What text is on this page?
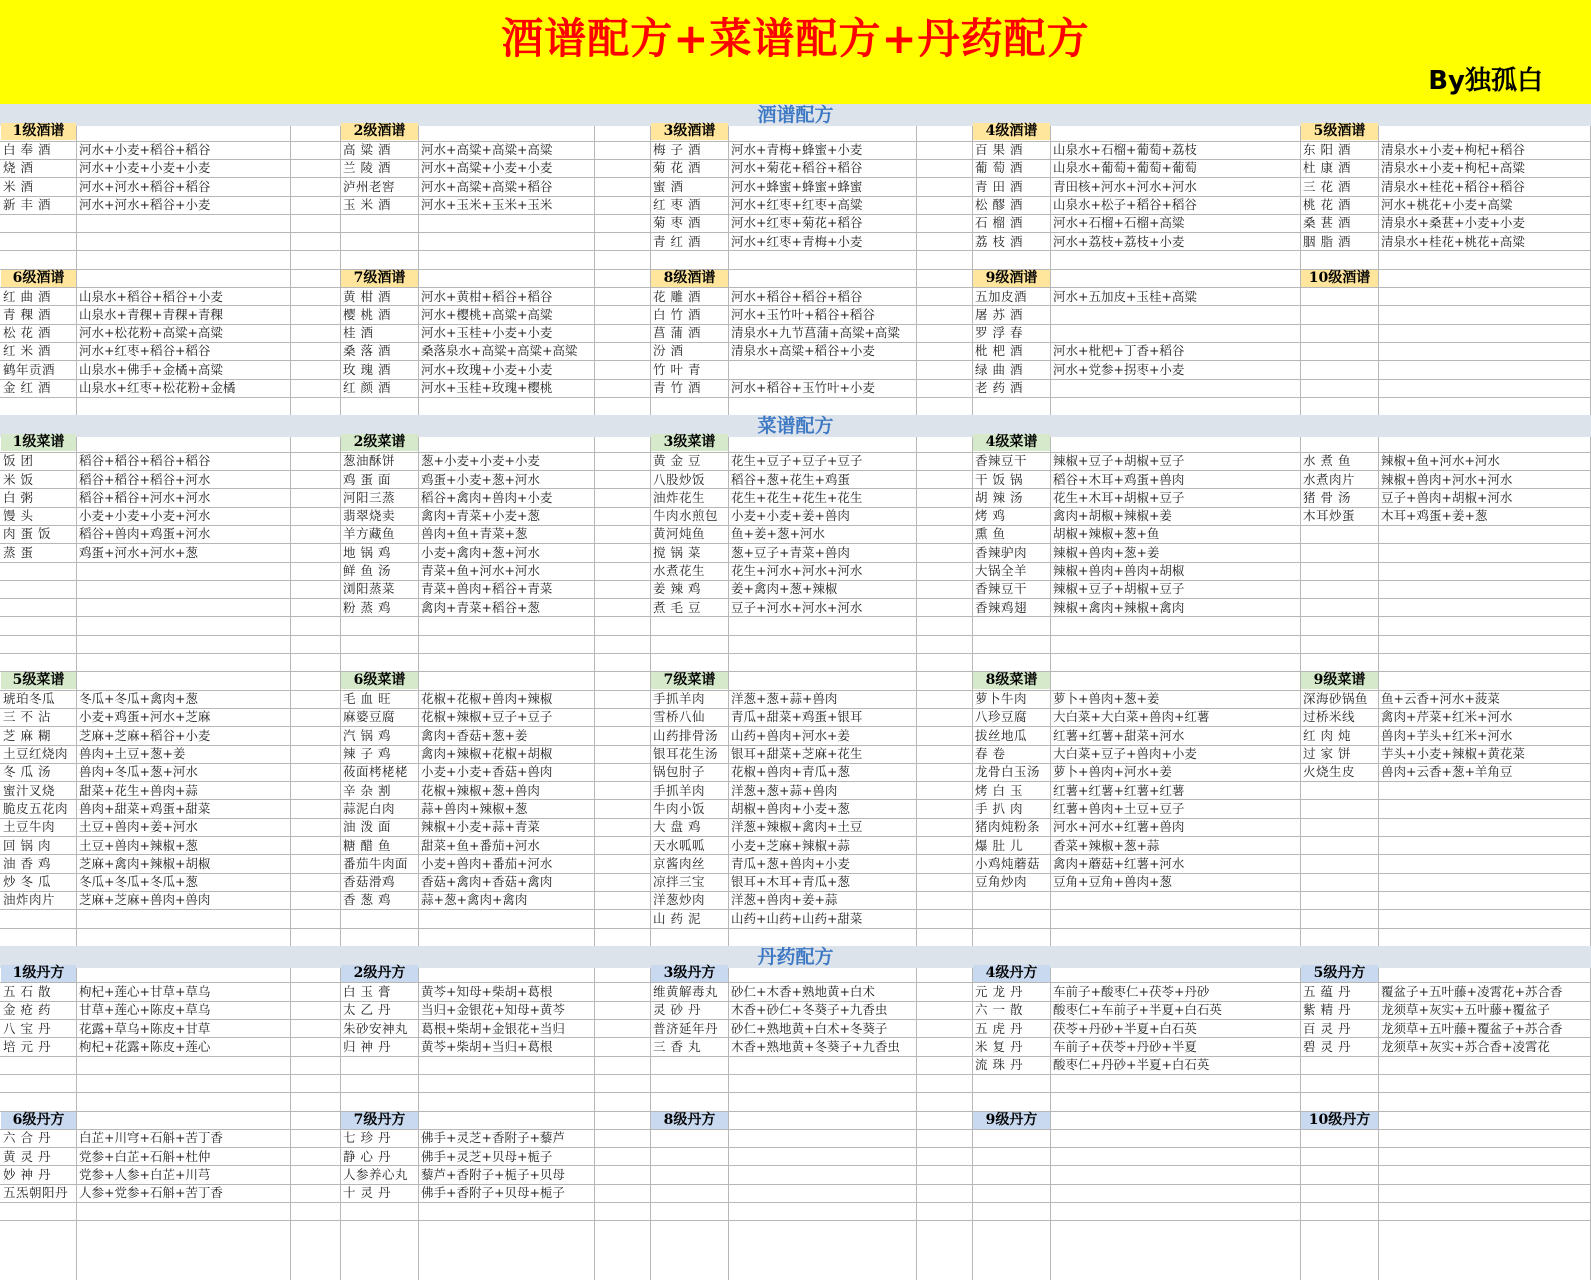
酒谱配方+菜谱配方+丹药配方
By独孤白
酒谱配方
1级酒谱
白 奉 酒	河水+小麦+稻谷+稻谷
烧 酒	河水+小麦+小麦+小麦
米 酒	河水+河水+稻谷+稻谷
新 丰 酒	河水+河水+稻谷+小麦
2级酒谱
高 粱 酒	河水+高粱+高粱+高粱
兰 陵 酒	河水+高粱+小麦+小麦
泸州老窖	河水+高粱+高粱+稻谷
玉 米 酒	河水+玉米+玉米+玉米
3级酒谱
梅 子 酒	河水+青梅+蜂蜜+小麦
菊 花 酒	河水+菊花+稻谷+稻谷
蜜 酒	河水+蜂蜜+蜂蜜+蜂蜜
红 枣 酒	河水+红枣+红枣+高粱
菊 枣 酒	河水+红枣+菊花+稻谷
青 红 酒	河水+红枣+青梅+小麦
4级酒谱
百 果 酒	山泉水+石榴+葡萄+荔枝
葡 萄 酒	山泉水+葡萄+葡萄+葡萄
青 田 酒	青田核+河水+河水+河水
松 醪 酒	山泉水+松子+稻谷+稻谷
石 榴 酒	河水+石榴+石榴+高粱
荔 枝 酒	河水+荔枝+荔枝+小麦
5级酒谱
东 阳 酒	清泉水+小麦+枸杞+稻谷
杜 康 酒	清泉水+小麦+枸杞+高粱
三 花 酒	清泉水+桂花+稻谷+稻谷
桃 花 酒	河水+桃花+小麦+高粱
桑 葚 酒	清泉水+桑葚+小麦+小麦
胭 脂 酒	清泉水+桂花+桃花+高粱
6级酒谱
红 曲 酒	山泉水+稻谷+稻谷+小麦
青 稞 酒	山泉水+青稞+青稞+青稞
松 花 酒	河水+松花粉+高粱+高粱
红 米 酒	河水+红枣+稻谷+稻谷
鹤年贡酒	山泉水+佛手+金橘+高粱
金 红 酒	山泉水+红枣+松花粉+金橘
7级酒谱
黄 柑 酒	河水+黄柑+稻谷+稻谷
樱 桃 酒	河水+樱桃+高粱+高粱
桂 酒	河水+玉桂+小麦+小麦
桑 落 酒	桑落泉水+高粱+高粱+高粱
玫 瑰 酒	河水+玫瑰+小麦+小麦
红 颜 酒	河水+玉桂+玫瑰+樱桃
8级酒谱
花 雕 酒	河水+稻谷+稻谷+稻谷
白 竹 酒	河水+玉竹叶+稻谷+稻谷
菖 蒲 酒	清泉水+九节菖蒲+高粱+高粱
汾 酒	清泉水+高粱+稻谷+小麦
竹 叶 青
青 竹 酒	河水+稻谷+玉竹叶+小麦
9级酒谱
五加皮酒	河水+五加皮+玉桂+高粱
屠 苏 酒
罗 浮 春
枇 杷 酒	河水+枇杷+丁香+稻谷
绿 曲 酒	河水+党参+拐枣+小麦
老 药 酒
10级酒谱
菜谱配方
1级菜谱
饭 团	稻谷+稻谷+稻谷+稻谷
米 饭	稻谷+稻谷+稻谷+河水
白 粥	稻谷+稻谷+河水+河水
馒 头	小麦+小麦+小麦+河水
肉 蛋 饭	稻谷+兽肉+鸡蛋+河水
蒸 蛋	鸡蛋+河水+河水+葱
2级菜谱
葱油酥饼	葱+小麦+小麦+小麦
鸡 蛋 面	鸡蛋+小麦+葱+河水
河阳三蒸	稻谷+禽肉+兽肉+小麦
翡翠烧卖	禽肉+青菜+小麦+葱
羊方藏鱼	兽肉+鱼+青菜+葱
地 锅 鸡	小麦+禽肉+葱+河水
鲜 鱼 汤	青菜+鱼+河水+河水
浏阳蒸菜	青菜+兽肉+稻谷+青菜
粉 蒸 鸡	禽肉+青菜+稻谷+葱
3级菜谱
黄 金 豆	花生+豆子+豆子+豆子
八股炒饭	稻谷+葱+花生+鸡蛋
油炸花生	花生+花生+花生+花生
牛肉水煎包	小麦+小麦+姜+兽肉
黄河炖鱼	鱼+姜+葱+河水
搅 锅 菜	葱+豆子+青菜+兽肉
水煮花生	花生+河水+河水+河水
姜 辣 鸡	姜+禽肉+葱+辣椒
煮 毛 豆	豆子+河水+河水+河水
4级菜谱
香辣豆干	辣椒+豆子+胡椒+豆子
干 饭 锅	稻谷+木耳+鸡蛋+兽肉
胡 辣 汤	花生+木耳+胡椒+豆子
烤 鸡	禽肉+胡椒+辣椒+姜
熏 鱼	胡椒+辣椒+葱+鱼
香辣驴肉	辣椒+兽肉+葱+姜
大锅全羊	辣椒+兽肉+兽肉+胡椒
香辣豆干	辣椒+豆子+胡椒+豆子
香辣鸡翅	辣椒+禽肉+辣椒+禽肉
水 煮 鱼	辣椒+鱼+河水+河水
水煮肉片	辣椒+兽肉+河水+河水
猪 骨 汤	豆子+兽肉+胡椒+河水
木耳炒蛋	木耳+鸡蛋+姜+葱
5级菜谱
琥珀冬瓜	冬瓜+冬瓜+禽肉+葱
三 不 沾	小麦+鸡蛋+河水+芝麻
芝 麻 糊	芝麻+芝麻+稻谷+小麦
土豆红烧肉 兽肉+土豆+葱+姜
冬 瓜 汤	兽肉+冬瓜+葱+河水
蜜汁叉烧	甜菜+花生+兽肉+蒜
脆皮五花肉 兽肉+甜菜+鸡蛋+甜菜
土豆牛肉	土豆+兽肉+姜+河水
回 锅 肉	土豆+兽肉+辣椒+葱
油 香 鸡	芝麻+禽肉+辣椒+胡椒
炒 冬 瓜	冬瓜+冬瓜+冬瓜+葱
油炸肉片	芝麻+芝麻+兽肉+兽肉
6级菜谱
毛 血 旺	花椒+花椒+兽肉+辣椒
麻婆豆腐	花椒+辣椒+豆子+豆子
汽 锅 鸡	禽肉+香菇+葱+姜
辣 子 鸡	禽肉+辣椒+花椒+胡椒
莜面栲栳栳	小麦+小麦+香菇+兽肉
辛 杂 割	花椒+辣椒+葱+兽肉
蒜泥白肉	蒜+兽肉+辣椒+葱
油 泼 面	辣椒+小麦+蒜+青菜
糖 醋 鱼	甜菜+鱼+番茄+河水
番茄牛肉面	小麦+兽肉+番茄+河水
香菇滑鸡	香菇+禽肉+香菇+禽肉
香 葱 鸡	蒜+葱+禽肉+禽肉
7级菜谱
手抓羊肉	洋葱+葱+蒜+兽肉
雪桥八仙	青瓜+甜菜+鸡蛋+银耳
山药排骨汤	山药+兽肉+河水+姜
银耳花生汤	银耳+甜菜+芝麻+花生
锅包肘子	花椒+兽肉+青瓜+葱
手抓羊肉	洋葱+葱+蒜+兽肉
牛肉小饭	胡椒+兽肉+小麦+葱
大 盘 鸡	洋葱+辣椒+禽肉+土豆
天水呱呱	小麦+芝麻+辣椒+蒜
京酱肉丝	青瓜+葱+兽肉+小麦
凉拌三宝	银耳+木耳+青瓜+葱
洋葱炒肉	洋葱+兽肉+姜+蒜
山 药 泥	山药+山药+山药+甜菜
8级菜谱
萝卜牛肉	萝卜+兽肉+葱+姜
八珍豆腐	大白菜+大白菜+兽肉+红薯
拔丝地瓜	红薯+红薯+甜菜+河水
春 卷	大白菜+豆子+兽肉+小麦
龙骨白玉汤	萝卜+兽肉+河水+姜
烤 白 玉	红薯+红薯+红薯+红薯
手 扒 肉	红薯+兽肉+土豆+豆子
猪肉炖粉条	河水+河水+红薯+兽肉
爆 肚 儿	香菜+辣椒+葱+蒜
小鸡炖蘑菇	禽肉+蘑菇+红薯+河水
豆角炒肉	豆角+豆角+兽肉+葱
9级菜谱
深海砂锅鱼	鱼+云香+河水+菠菜
过桥米线	禽肉+芹菜+红米+河水
红 肉 炖	兽肉+芋头+红米+河水
过 家 饼	芋头+小麦+辣椒+黄花菜
火烧生皮	兽肉+云香+葱+羊角豆
丹药配方
1级丹方
五 石 散	枸杞+莲心+甘草+草乌
金 疮 药	甘草+莲心+陈皮+草乌
八 宝 丹	花露+草乌+陈皮+甘草
培 元 丹	枸杞+花露+陈皮+莲心
2级丹方
白 玉 膏	黄芩+知母+柴胡+葛根
太 乙 丹	当归+金银花+知母+黄芩
朱砂安神丸	葛根+柴胡+金银花+当归
归 神 丹	黄芩+柴胡+当归+葛根
3级丹方
维黄解毒丸	砂仁+木香+熟地黄+白术
灵 砂 丹	木香+砂仁+冬葵子+九香虫
普济延年丹	砂仁+熟地黄+白术+冬葵子
三 香 丸	木香+熟地黄+冬葵子+九香虫
4级丹方
元 龙 丹	车前子+酸枣仁+茯苓+丹砂
六 一 散	酸枣仁+车前子+半夏+白石英
五 虎 丹	茯苓+丹砂+半夏+白石英
米 复 丹	车前子+茯苓+丹砂+半夏
流 珠 丹	酸枣仁+丹砂+半夏+白石英
5级丹方
五 蕴 丹	覆盆子+五叶藤+凌霄花+苏合香
紫 精 丹	龙须草+灰实+五叶藤+覆盆子
百 灵 丹	龙须草+五叶藤+覆盆子+苏合香
碧 灵 丹	龙须草+灰实+苏合香+凌霄花
6级丹方
六 合 丹	白芷+川穹+石斛+苦丁香
黄 灵 丹	党参+白芷+石斛+杜仲
妙 神 丹	党参+人参+白芷+川芎
五炁朝阳丹 人参+党参+石斛+苦丁香
7级丹方
七 珍 丹	佛手+灵芝+香附子+藜芦
静 心 丹	佛手+灵芝+贝母+栀子
人参养心丸	藜芦+香附子+栀子+贝母
十 灵 丹	佛手+香附子+贝母+栀子
8级丹方	9级丹方	10级丹方
